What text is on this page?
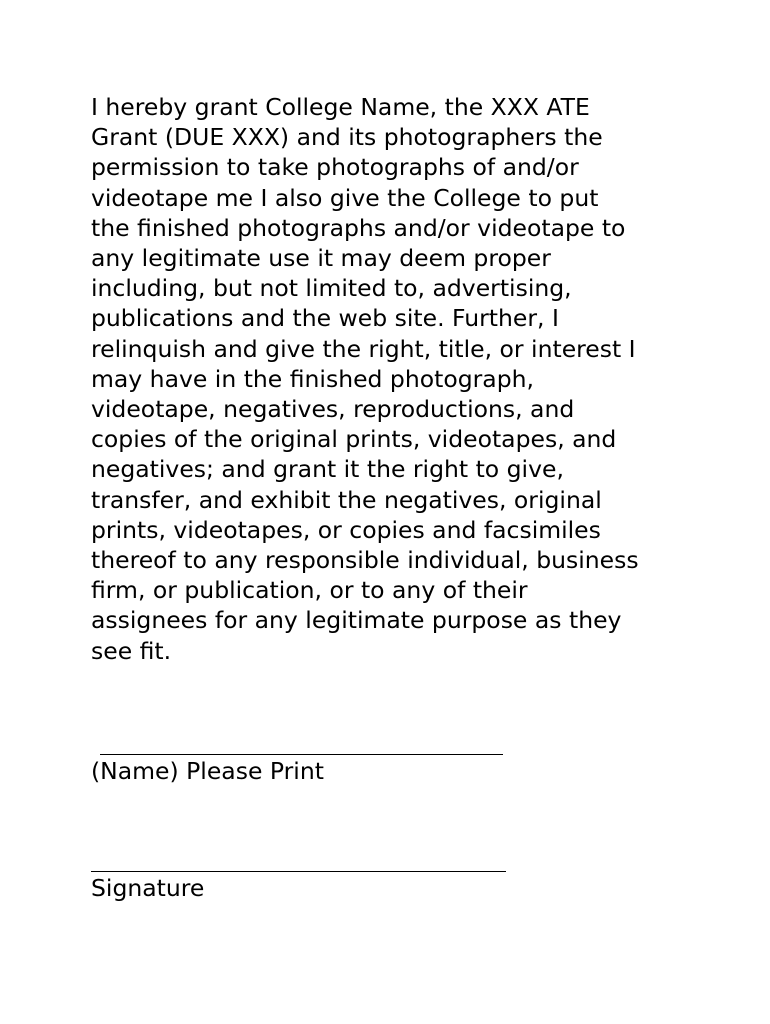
I hereby grant College Name, the XXX ATE
Grant (DUE XXX) and its photographers the
permission to take photographs of and/or
videotape me I also give the College to put
the finished photographs and/or videotape to
any legitimate use it may deem proper
including, but not limited to, advertising,
publications and the web site. Further, I
relinquish and give the right, title, or interest I
may have in the finished photograph,
videotape, negatives, reproductions, and
copies of the original prints, videotapes, and
negatives; and grant it the right to give,
transfer, and exhibit the negatives, original
prints, videotapes, or copies and facsimiles
thereof to any responsible individual, business
firm, or publication, or to any of their
assignees for any legitimate purpose as they
see fit.

(Name) Please Print
Signature
